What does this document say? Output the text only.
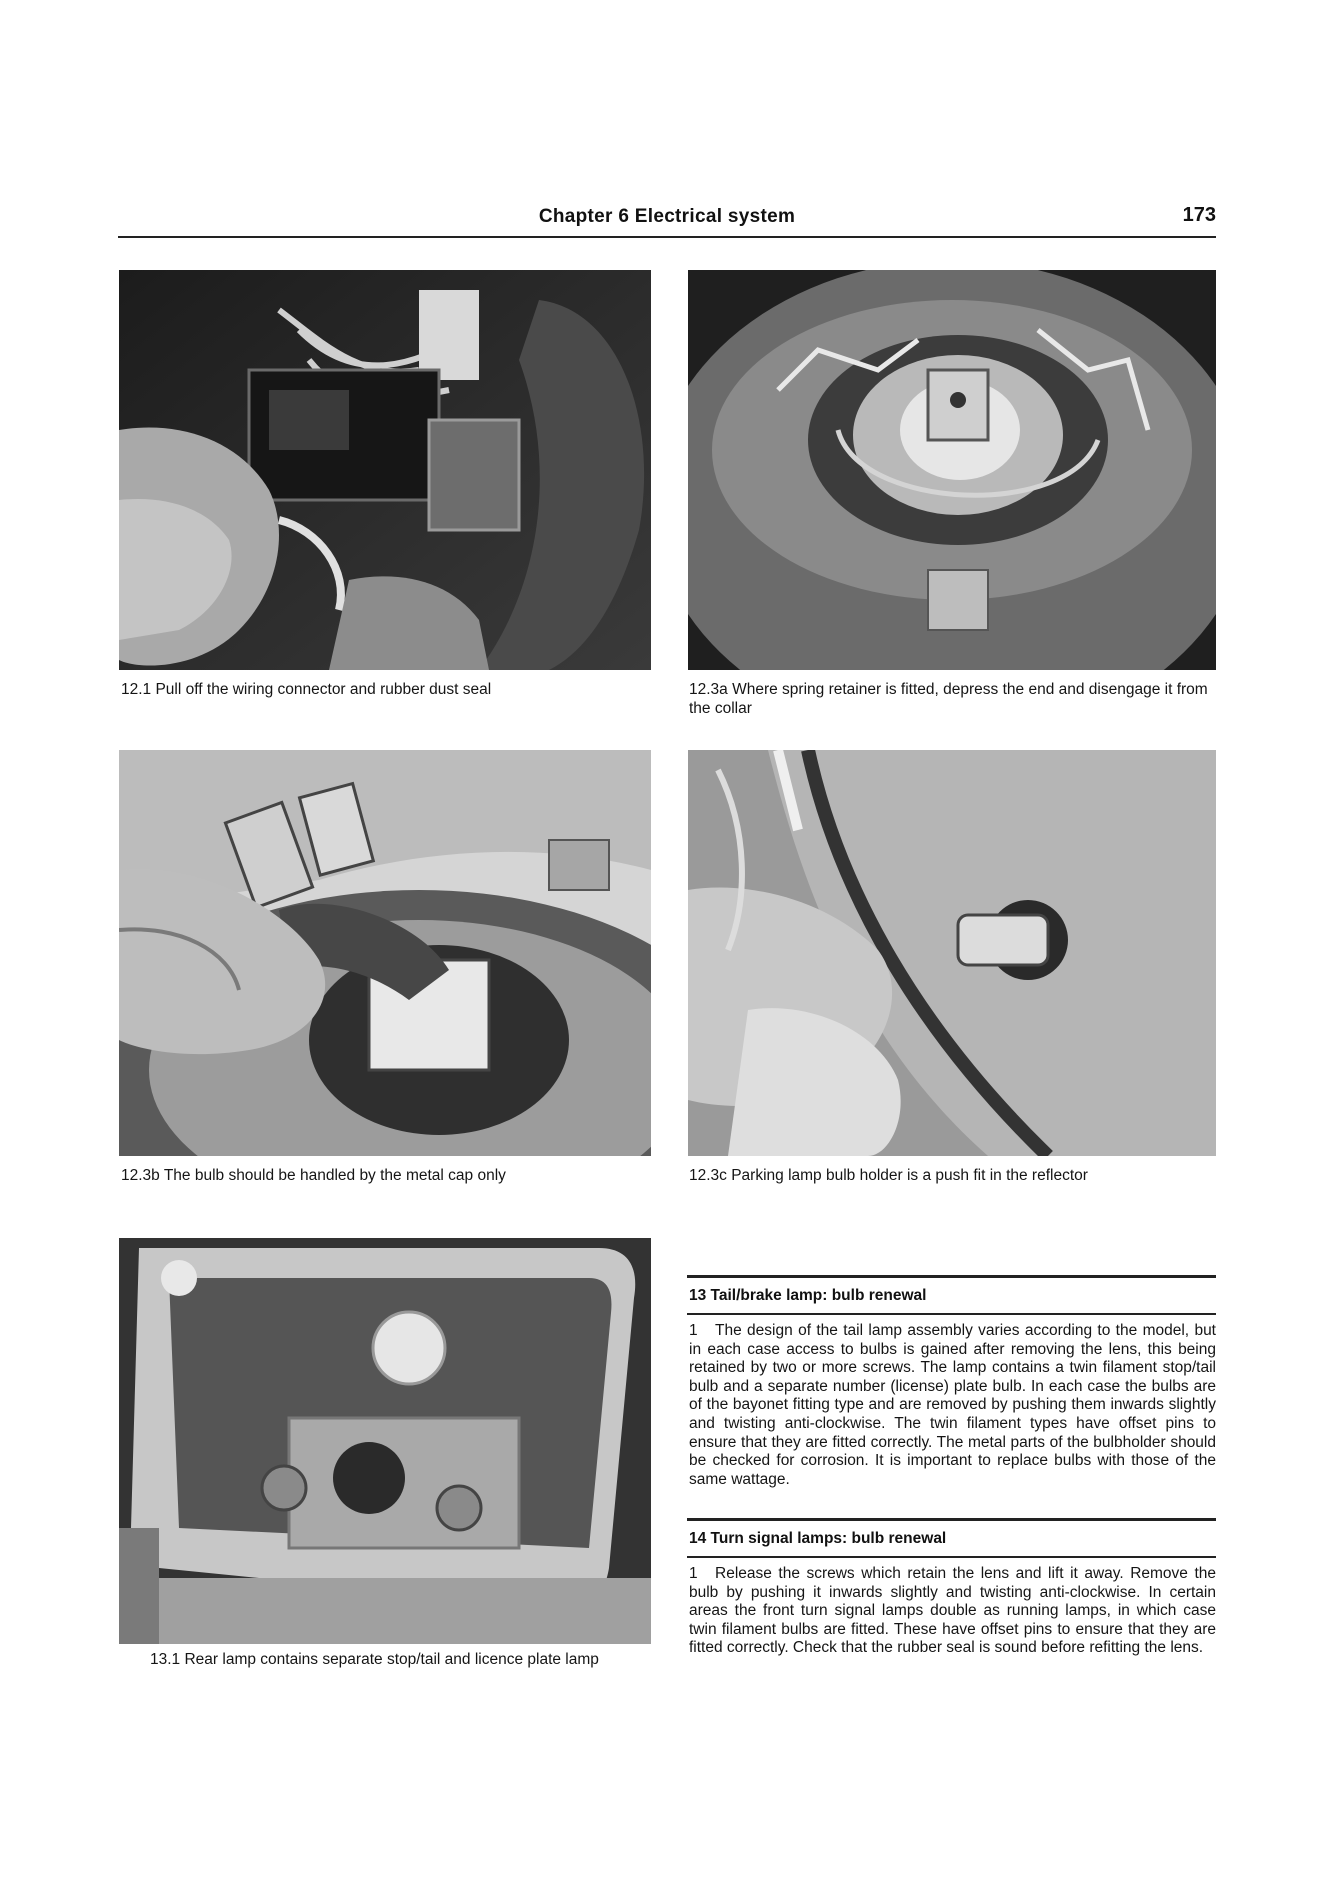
Chapter 6 Electrical system	173
12.1 Pull off the wiring connector and rubber dust seal	12.3a Where spring retainer is fitted, depress the end and disengage it from the collar
12.3b The bulb should be handled by the metal cap only	12.3c Parking lamp bulb holder is a push fit in the reflector
13.1 Rear lamp contains separate stop/tail and licence plate lamp
13 Tail/brake lamp: bulb renewal
1 The design of the tail lamp assembly varies according to the model, but in each case access to bulbs is gained after removing the lens, this being retained by two or more screws. The lamp contains a twin filament stop/tail bulb and a separate number (license) plate bulb. In each case the bulbs are of the bayonet fitting type and are removed by pushing them inwards slightly and twisting anti-clockwise. The twin filament types have offset pins to ensure that they are fitted correctly. The metal parts of the bulbholder should be checked for corrosion. It is important to replace bulbs with those of the same wattage.
14 Turn signal lamps: bulb renewal
1 Release the screws which retain the lens and lift it away. Remove the bulb by pushing it inwards slightly and twisting anti-clockwise. In certain areas the front turn signal lamps double as running lamps, in which case twin filament bulbs are fitted. These have offset pins to ensure that they are fitted correctly. Check that the rubber seal is sound before refitting the lens.
